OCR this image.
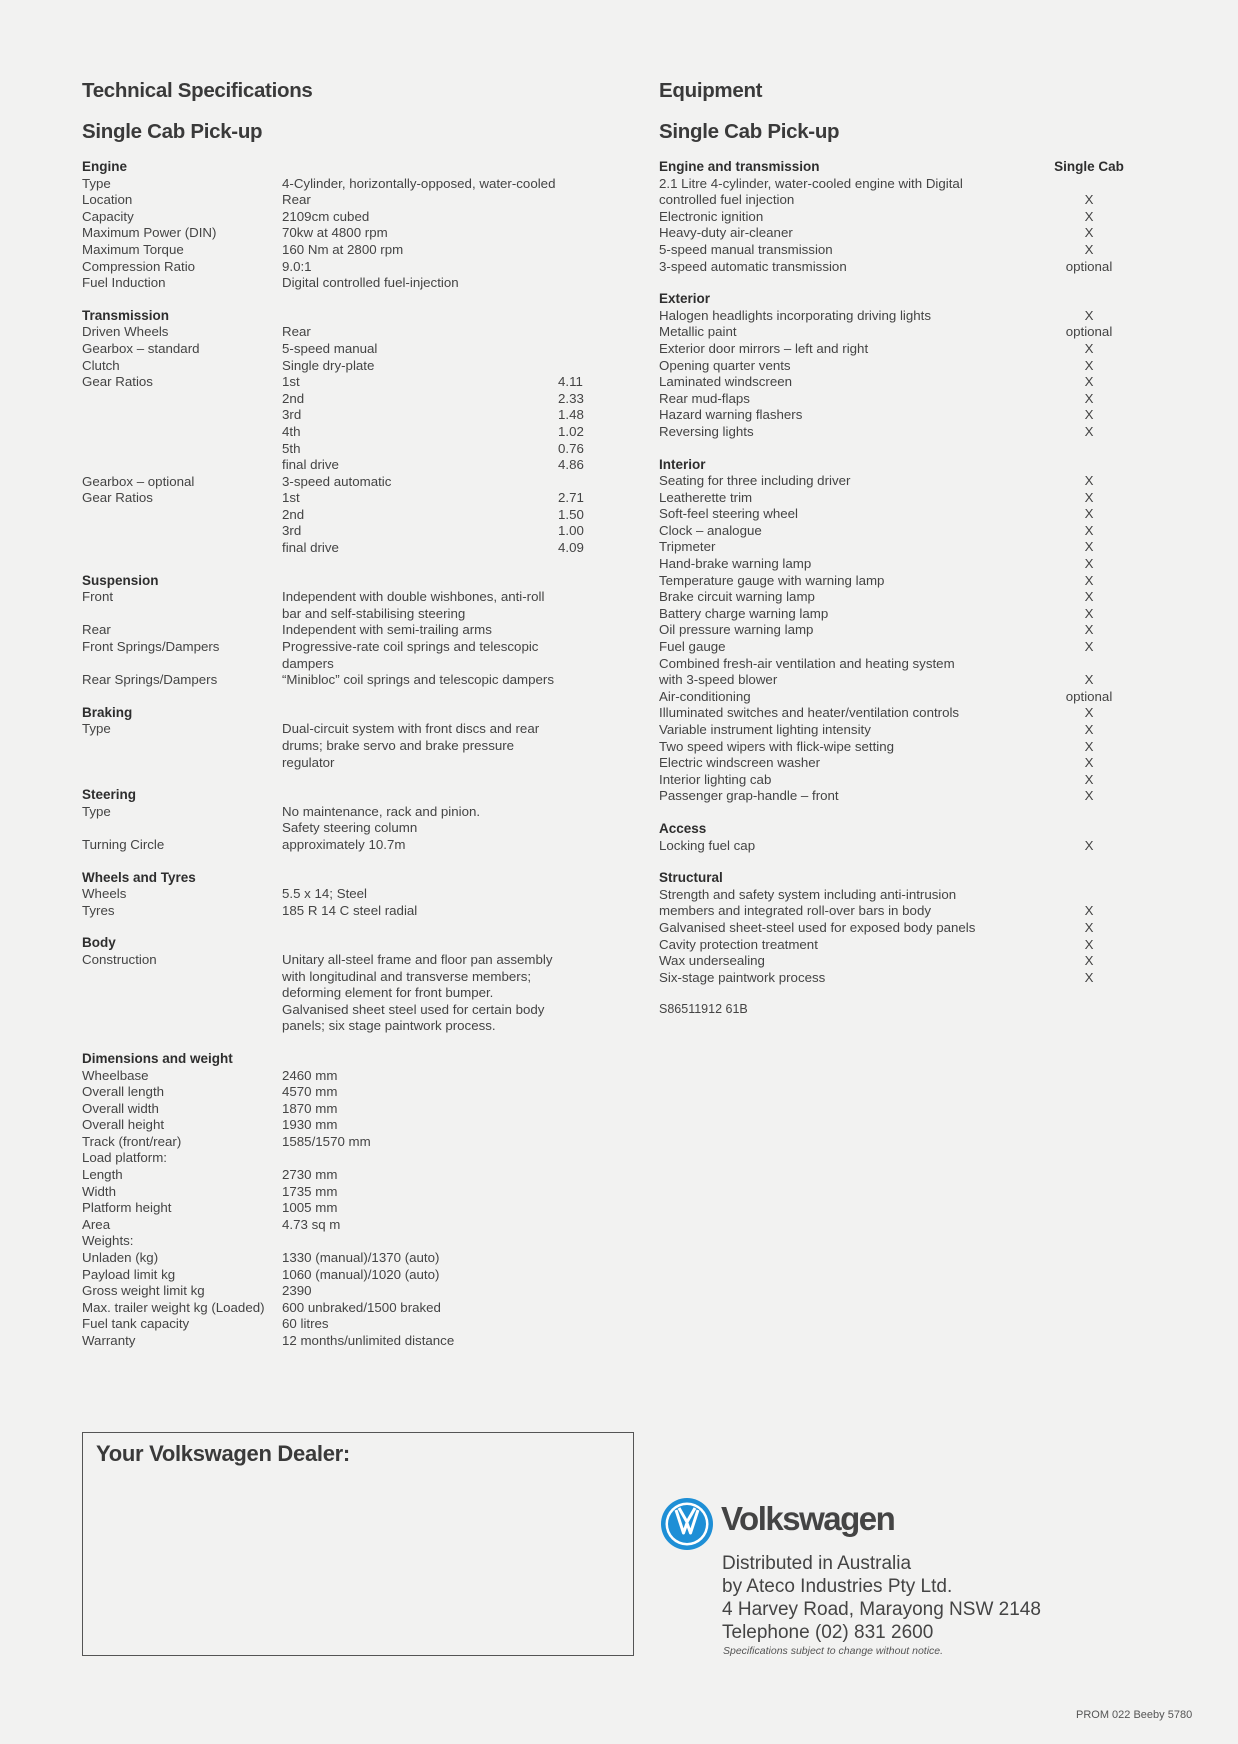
Technical Specifications
Single Cab Pick-up
Engine
Type	4-Cylinder, horizontally-opposed, water-cooled
Location	Rear
Capacity	2109cm cubed
Maximum Power (DIN)	70kw at 4800 rpm
Maximum Torque	160 Nm at 2800 rpm
Compression Ratio	9.0:1
Fuel Induction	Digital controlled fuel-injection
Transmission
Driven Wheels	Rear
Gearbox – standard	5-speed manual
Clutch	Single dry-plate
Gear Ratios	1st	4.11
2nd	2.33
3rd	1.48
4th	1.02
5th	0.76
final drive	4.86
Gearbox – optional	3-speed automatic
Gear Ratios	1st	2.71
2nd	1.50
3rd	1.00
final drive	4.09
Suspension
Front	Independent with double wishbones, anti-roll
bar and self-stabilising steering
Rear	Independent with semi-trailing arms
Front Springs/Dampers	Progressive-rate coil springs and telescopic
dampers
Rear Springs/Dampers	“Minibloc” coil springs and telescopic dampers
Braking
Type	Dual-circuit system with front discs and rear
drums; brake servo and brake pressure regulator
Steering
Type	No maintenance, rack and pinion.
Safety steering column
Turning Circle	approximately 10.7m
Wheels and Tyres
Wheels	5.5 x 14; Steel
Tyres	185 R 14 C steel radial
Body
Construction	Unitary all-steel frame and floor pan assembly
with longitudinal and transverse members;
deforming element for front bumper.
Galvanised sheet steel used for certain body
panels; six stage paintwork process.
Dimensions and weight
Wheelbase	2460 mm
Overall length	4570 mm
Overall width	1870 mm
Overall height	1930 mm
Track (front/rear)	1585/1570 mm
Load platform:
Length	2730 mm
Width	1735 mm
Platform height	1005 mm
Area	4.73 sq m
Weights:
Unladen (kg)	1330 (manual)/1370 (auto)
Payload limit kg	1060 (manual)/1020 (auto)
Gross weight limit kg	2390
Max. trailer weight kg (Loaded)	600 unbraked/1500 braked
Fuel tank capacity	60 litres
Warranty	12 months/unlimited distance
Equipment
Single Cab Pick-up
Engine and transmission	Single Cab
2.1 Litre 4-cylinder, water-cooled engine with Digital
controlled fuel injection	X
Electronic ignition	X
Heavy-duty air-cleaner	X
5-speed manual transmission	X
3-speed automatic transmission	optional
Exterior
Halogen headlights incorporating driving lights	X
Metallic paint	optional
Exterior door mirrors – left and right	X
Opening quarter vents	X
Laminated windscreen	X
Rear mud-flaps	X
Hazard warning flashers	X
Reversing lights	X
Interior
Seating for three including driver	X
Leatherette trim	X
Soft-feel steering wheel	X
Clock – analogue	X
Tripmeter	X
Hand-brake warning lamp	X
Temperature gauge with warning lamp	X
Brake circuit warning lamp	X
Battery charge warning lamp	X
Oil pressure warning lamp	X
Fuel gauge	X
Combined fresh-air ventilation and heating system
with 3-speed blower	X
Air-conditioning	optional
Illuminated switches and heater/ventilation controls	X
Variable instrument lighting intensity	X
Two speed wipers with flick-wipe setting	X
Electric windscreen washer	X
Interior lighting cab	X
Passenger grap-handle – front	X
Access
Locking fuel cap	X
Structural
Strength and safety system including anti-intrusion
members and integrated roll-over bars in body	X
Galvanised sheet-steel used for exposed body panels	X
Cavity protection treatment	X
Wax undersealing	X
Six-stage paintwork process	X
S86511912 61B
Your Volkswagen Dealer:
Volkswagen
Distributed in Australia
by Ateco Industries Pty Ltd.
4 Harvey Road, Marayong NSW 2148
Telephone (02) 831 2600
Specifications subject to change without notice.
PROM 022 Beeby 5780
